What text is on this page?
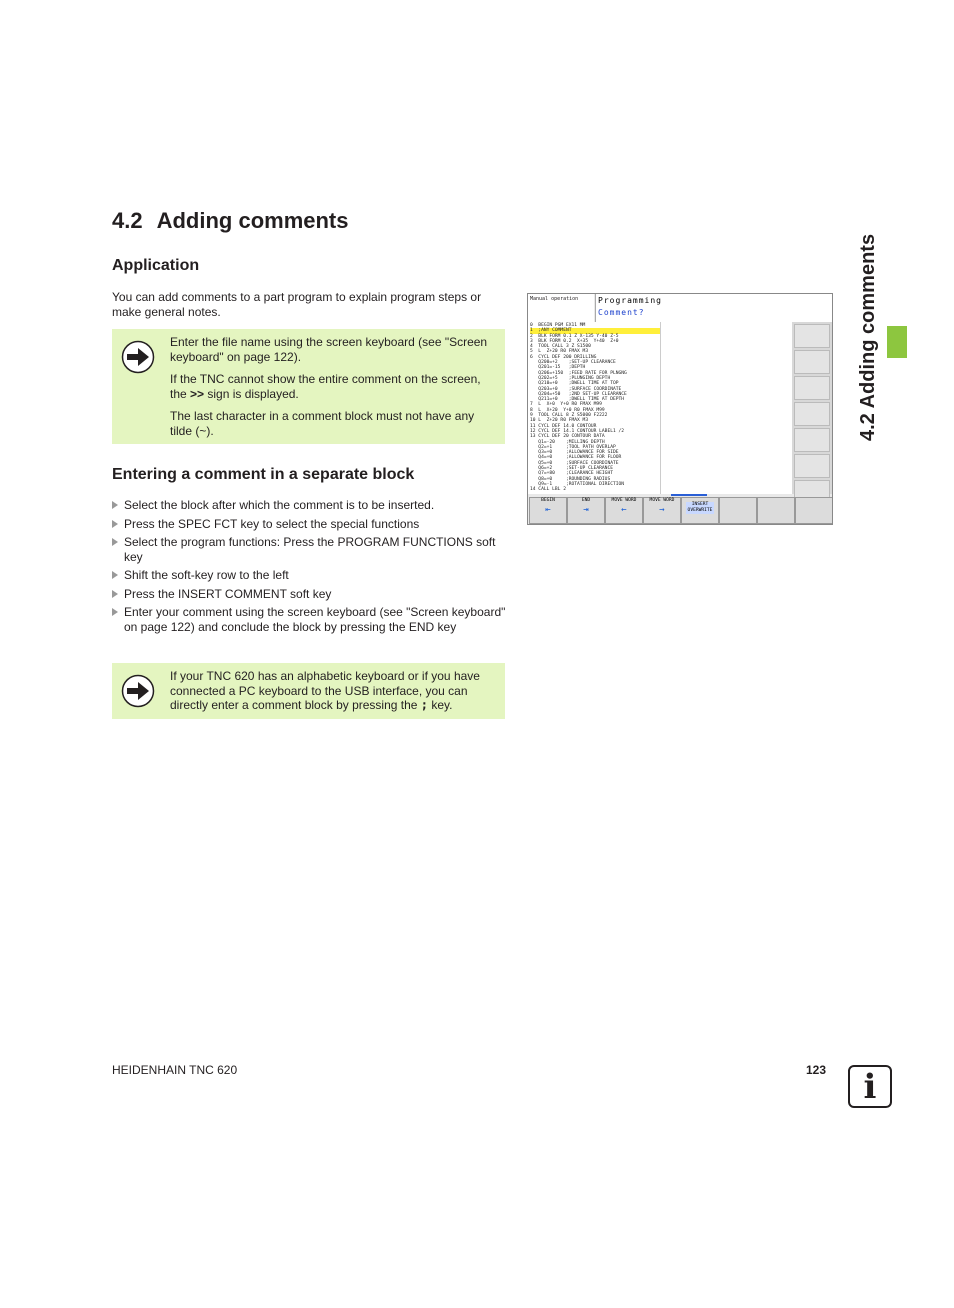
4.2 Adding comments
4.2 Adding comments
Application

You can add comments to a part program to explain program steps or make general notes.

Enter the file name using the screen keyboard (see "Screen keyboard" on page 122).

If the TNC cannot show the entire comment on the screen, the >> sign is displayed.

The last character in a comment block must not have any tilde (~).

Entering a comment in a separate block
Select the block after which the comment is to be inserted.
Press the SPEC FCT key to select the special functions
Select the program functions: Press the PROGRAM FUNCTIONS soft key
Shift the soft-key row to the left
Press the INSERT COMMENT soft key
Enter your comment using the screen keyboard (see "Screen keyboard" on page 122) and conclude the block by pressing the END key

If your TNC 620 has an alphabetic keyboard or if you have connected a PC keyboard to the USB interface, you can directly enter a comment block by pressing the ; key.

Manual operation	Programming
Comment?
0  BEGIN PGM EX11 MM
1  ;ANY COMMENT
2  BLK FORM 0.1 Z X-135 Y-40 Z-5
3  BLK FORM 0.2  X+35  Y+40  Z+0
4  TOOL CALL 3 Z S1500
5  L  Z+20 R0 FMAX M3
6  CYCL DEF 200 DRILLING
Q200=+2    ;SET-UP CLEARANCE
Q201=-15   ;DEPTH
Q206=+150  ;FEED RATE FOR PLNGNG
Q202=+5    ;PLUNGING DEPTH
Q210=+0    ;DWELL TIME AT TOP
Q203=+0    ;SURFACE COORDINATE
Q204=+50   ;2ND SET-UP CLEARANCE
Q211=+0    ;DWELL TIME AT DEPTH
7  L  X+0  Y+0 R0 FMAX M99
8  L  X+20  Y+0 R0 FMAX M99
9  TOOL CALL 8 Z S5000 F2222
10 L  Z+20 R0 FMAX M3
11 CYCL DEF 14.0 CONTOUR
12 CYCL DEF 14.1 CONTOUR LABEL1 /2
13 CYCL DEF 20 CONTOUR DATA
Q1=-20    ;MILLING DEPTH
Q2=+1     ;TOOL PATH OVERLAP
Q3=+0     ;ALLOWANCE FOR SIDE
Q4=+0     ;ALLOWANCE FOR FLOOR
Q5=+0     ;SURFACE COORDINATE
Q6=+2     ;SET-UP CLEARANCE
Q7=+80    ;CLEARANCE HEIGHT
Q8=+0     ;ROUNDING RADIUS
Q9=-1     ;ROTATIONAL DIRECTION
14 CALL LBL 2
BEGIN
⇤
END
⇥
MOVE WORD
←
MOVE WORD
→
INSERT OVERWRITE
HEIDENHAIN TNC 620	123	i
